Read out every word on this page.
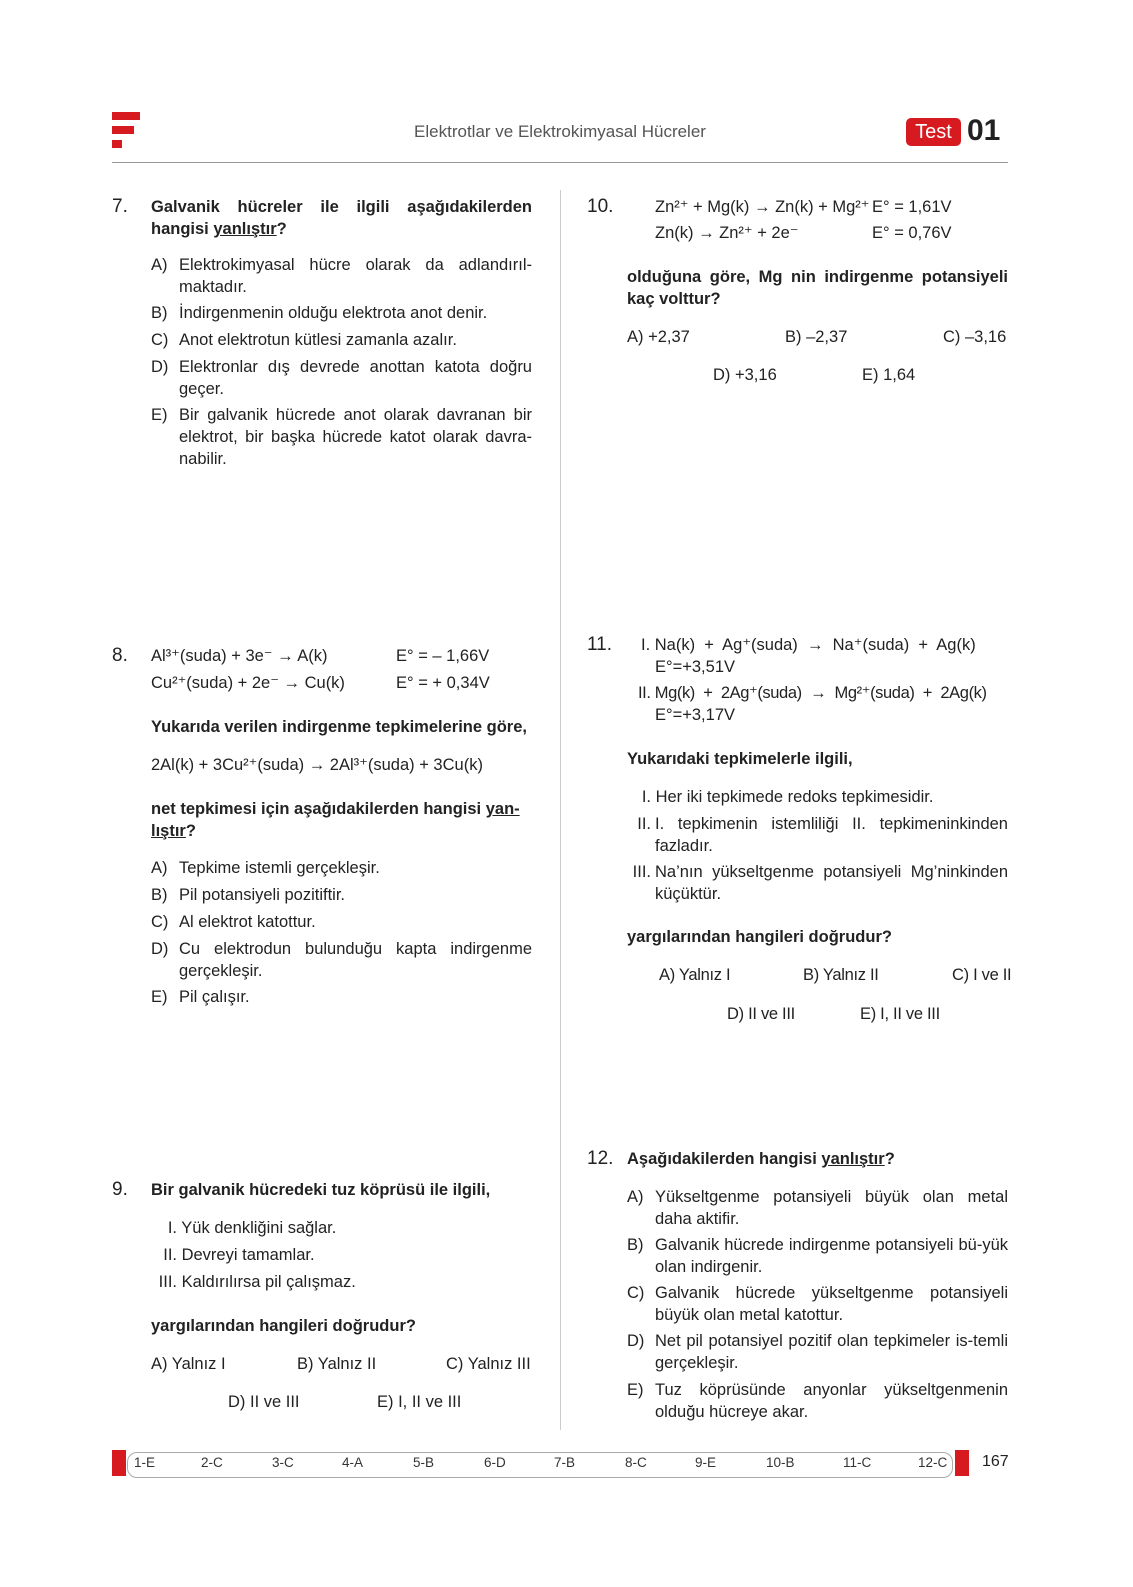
Elektrotlar ve Elektrokimyasal Hücreler	Test 01
7. Galvanik hücreler ile ilgili aşağıdakilerden hangisi yanlıştır?
A) Elektrokimyasal hücre olarak da adlandırıl-maktadır.
B) İndirgenmenin olduğu elektrota anot denir.
C) Anot elektrotun kütlesi zamanla azalır.
D) Elektronlar dış devrede anottan katota doğru geçer.
E) Bir galvanik hücrede anot olarak davranan bir elektrot, bir başka hücrede katot olarak davra-nabilir.
8. Al³⁺(suda) + 3e⁻ → A(k)	E° = – 1,66V
Cu²⁺(suda) + 2e⁻ → Cu(k)	E° = + 0,34V
Yukarıda verilen indirgenme tepkimelerine göre,
2Al(k) + 3Cu²⁺(suda) → 2Al³⁺(suda) + 3Cu(k)
net tepkimesi için aşağıdakilerden hangisi yan-
lıştır?
A) Tepkime istemli gerçekleşir.
B) Pil potansiyeli pozitiftir.
C) Al elektrot katottur.
D) Cu elektrodun bulunduğu kapta indirgenme gerçekleşir.
E) Pil çalışır.
9. Bir galvanik hücredeki tuz köprüsü ile ilgili,
I. Yük denkliğini sağlar.
II. Devreyi tamamlar.
III. Kaldırılırsa pil çalışmaz.
yargılarından hangileri doğrudur?
A) Yalnız I	B) Yalnız II	C) Yalnız III
D) II ve III	E) I, II ve III
10.	Zn²⁺ + Mg(k) → Zn(k) + Mg²⁺ E° = 1,61V
Zn(k) → Zn²⁺ + 2e⁻	E° = 0,76V
olduğuna göre, Mg nin indirgenme potansiyeli kaç volttur?
A) +2,37	B) –2,37	C) –3,16
D) +3,16	E) 1,64
11. I. Na(k)  +  Ag⁺(suda)  →  Na⁺(suda)  +  Ag(k)
E°=+3,51V
II. Mg(k)  +  2Ag⁺(suda)  →  Mg²⁺(suda)  +  2Ag(k)
E°=+3,17V
Yukarıdaki tepkimelerle ilgili,
I. Her iki tepkimede redoks tepkimesidir.
II. I. tepkimenin istemliliği II. tepkimeninkinden fazladır.
III. Na’nın yükseltgenme potansiyeli Mg’ninkinden küçüktür.
yargılarından hangileri doğrudur?
A) Yalnız I	B) Yalnız II	C) I ve II
D) II ve III	E) I, II ve III
12. Aşağıdakilerden hangisi yanlıştır?
A) Yükseltgenme potansiyeli büyük olan metal daha aktifir.
B) Galvanik hücrede indirgenme potansiyeli bü-yük olan indirgenir.
C) Galvanik hücrede yükseltgenme potansiyeli büyük olan metal katottur.
D) Net pil potansiyel pozitif olan tepkimeler is-temli gerçekleşir.
E) Tuz köprüsünde anyonlar yükseltgenmenin olduğu hücreye akar.
1-E	2-C	3-C	4-A	5-B	6-D	7-B	8-C	9-E	10-B	11-C	12-C 167
